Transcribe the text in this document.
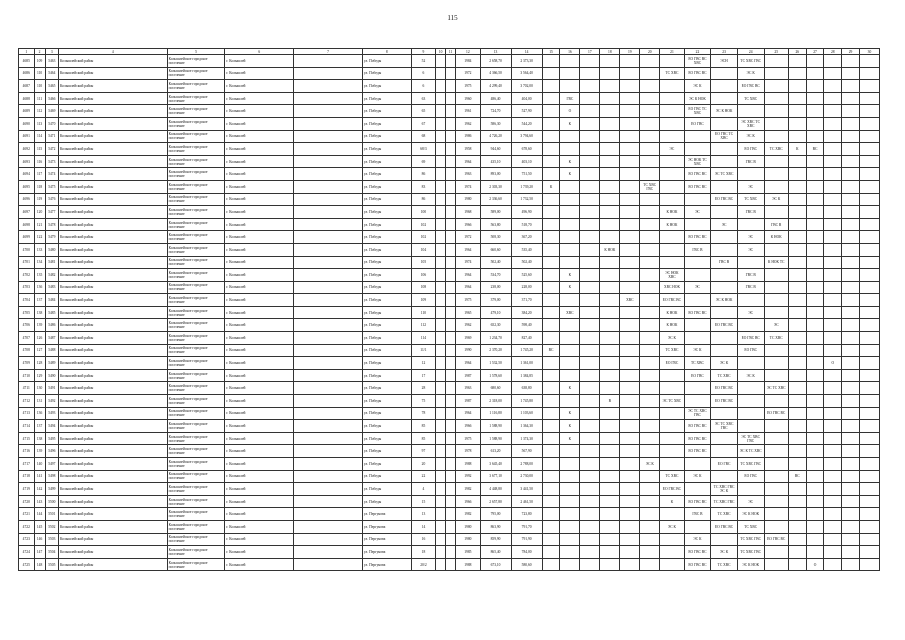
115
1	2	3	4	5	6	7	8	9	10	11	12	13	14	15	16	17	18	19	20	21	22	23	24	25	26	27	28	29	30
4685	109	5463	Колышлейский район	Колышлейское городское поселение	г. Колышлей		ул. Победы	52			1984	2 658,70	2 373,30								ЕО ГВС ВС ХВС	ЭСН	ТС ХВС ГВС						
4686	110	5464	Колышлейский район	Колышлейское городское поселение	г. Колышлей		ул. Победы	6			1972	4 366,50	3 564,40							ТС ХВС	ЕО ГВС ВС		ЭС К						
4687	110	5465	Колышлейский район	Колышлейское городское поселение	г. Колышлей		ул. Победы	6			1975	4 299,40	3 702,00								ЭС К		ЕО ГВС ВС						
4688	111	5466	Колышлейский район	Колышлейское городское поселение	г. Колышлей		ул. Победы	63			1960	486,40	404,00		ГВС						ЭС К НОК		ТС ХВС						
4689	112	5469	Колышлейский район	Колышлейское городское поселение	г. Колышлей		ул. Победы	65			1961	724,70	527,90		О						ЕО ГВС ТС ХВС	ЭС К НОК							
4690	113	5470	Колышлейский район	Колышлейское городское поселение	г. Колышлей		ул. Победы	67			1962	586,30	544,20		К						ЕО ГВС		ЭС ХВС ТС ХВС						
4691	114	5471	Колышлейский район	Колышлейское городское поселение	г. Колышлей		ул. Победы	68			1986	4 726,20	3 794,60									ЕО ГВС ТС ХВС	ЭС К						
4692	115	5472	Колышлейский район	Колышлейское городское поселение	г. Колышлей		ул. Победы	68/3			1958	944,60	678,60							ЭС			ЕО ГВС	ТС ХВС	К	ВС			
4693	116	5473	Колышлейский район	Колышлейское городское поселение	г. Колышлей		ул. Победы	69			1964	435,10	403,10		К						ЭС НОК ТС ХВС		ГВС В						
4694	117	5474	Колышлейский район	Колышлейское городское поселение	г. Колышлей		ул. Победы	86			1963	893,00	751,50		К						ЕО ГВС ВС	ЭС ТС ХВС							
4695	118	5475	Колышлейский район	Колышлейское городское поселение	г. Колышлей		ул. Победы	83			1974	2 303,30	1 739,20	К					ТС ХВС ГВС		ЕО ГВС ВС		ЭС						
4696	119	5476	Колышлейский район	Колышлейское городское поселение	г. Колышлей		ул. Победы	86			1980	2 336,60	1 732,50									ЕО ГВС ВС	ТС ХВС	ЭС К					
4697	120	5477	Колышлейский район	Колышлейское городское поселение	г. Колышлей		ул. Победы	100			1968	589,00	496,90							К НОК	ЭС		ГВС В						
4698	121	5478	Колышлейский район	Колышлейское городское поселение	г. Колышлей		ул. Победы	102			1966	563,80	518,70							К НОК		ЭС		ГВС В					
4699	122	5479	Колышлейский район	Колышлейское городское поселение	г. Колышлей		ул. Победы	102			1972	508,30	367,20								ЕО ГВС ВС		ЭС	К НОК					
4700	133	5480	Колышлейский район	Колышлейское городское поселение	г. Колышлей		ул. Победы	104			1964	660,60	535,40				К НОК				ГВС В		ЭС						
4701	134	5481	Колышлейский район	Колышлейское городское поселение	г. Колышлей		ул. Победы	105			1974	502,40	502,40									ГВС В		К НОК ТС					
4702	135	5482	Колышлейский район	Колышлейское городское поселение	г. Колышлей		ул. Победы	106			1964	534,70	525,60		К					ЭС НОК ХВС			ГВС В						
4703	136	5483	Колышлейский район	Колышлейское городское поселение	г. Колышлей		ул. Победы	108			1964	238,00	228,00		К					ХВС НОК	ЭС		ГВС В						
4704	137	5484	Колышлейский район	Колышлейское городское поселение	г. Колышлей		ул. Победы	109			1975	379,00	371,70					ХВС		ЕО ГВС ВС		ЭС К НОК							
4705	138	5485	Колышлейский район	Колышлейское городское поселение	г. Колышлей		ул. Победы	110			1965	479,10	384,20		ХВС					К НОК	ЕО ГВС ВС		ЭС						
4706	139	5486	Колышлейский район	Колышлейское городское поселение	г. Колышлей		ул. Победы	112			1962	652,30	598,40							К НОК		ЕО ГВС ВС		ЭС					
4707	126	5487	Колышлейский район	Колышлейское городское поселение	г. Колышлей		ул. Победы	114			1969	1 234,70	827,40							ЭС К			ЕО ГВС ВС	ТС ХВС					
4708	127	5488	Колышлейский район	Колышлейское городское поселение	г. Колышлей		ул. Победы	11/1			1990	2 370,20	1 745,20	ВС						ТС ХВС	ЭС К		ЕО ГВС						
4709	128	5489	Колышлейский район	Колышлейское городское поселение	г. Колышлей		ул. Победы	12			1964	1 532,50	1 361,00							ЕО ГВС	ТС ХВС	ЭС К					О		
4710	129	5490	Колышлейский район	Колышлейское городское поселение	г. Колышлей		ул. Победы	17			1987	1 578,60	1 384,85								ЕО ГВС	ТС ХВС	ЭС К						
4711	130	5491	Колышлейский район	Колышлейское городское поселение	г. Колышлей		ул. Победы	28			1963	680,60	638,80		К							ЕО ГВС ВС		ЭС ТС ХВС					
4712	131	5492	Колышлейский район	Колышлейское городское поселение	г. Колышлей		ул. Победы	75			1987	2 318,00	1 745,80				В			ЭС ТС ХВС		ЕО ГВС ВС							
4713	136	5493	Колышлейский район	Колышлейское городское поселение	г. Колышлей		ул. Победы	78			1964	1 116,80	1 103,60		К						ЭС ТС ХВС ГВС			ЕО ГВС ВС					
4714	137	5494	Колышлейский район	Колышлейское городское поселение	г. Колышлей		ул. Победы	85			1966	1 588,90	1 364,30		К						ЕО ГВС ВС	ЭС ТС ХВС ГВС							
4715	138	5495	Колышлейский район	Колышлейское городское поселение	г. Колышлей		ул. Победы	85			1975	1 588,90	1 374,30		К						ЕО ГВС ВС		ЭС ТС ХВС ГВС						
4716	139	5496	Колышлейский район	Колышлейское городское поселение	г. Колышлей		ул. Победы	97			1978	613,20	567,90								ЕО ГВС ВС		ЭС К ТС ХВС						
4717	140	5497	Колышлейский район	Колышлейское городское поселение	г. Колышлей		ул. Победы	20			1988	3 645,40	2 788,00						ЭС К			ЕО ГВС	ТС ХВС ГВС						
4718	141	5498	Колышлейский район	Колышлейское городское поселение	г. Колышлей		ул. Победы	22			1992	3 677,10	2 730,00							ТС ХВС	ЭС К		ЕО ГВС		ВС				
4719	142	5499	Колышлейский район	Колышлейское городское поселение	г. Колышлей		ул. Победы	4			1982	4 448,80	3 441,50							ЕО ГВС ВС		ТС ХВС ГВС ЭС К							
4720	143	5500	Колышлейский район	Колышлейское городское поселение	г. Колышлей		ул. Победы	15			1966	2 657,80	2 461,50							К	ЕО ГВС ВС	ТС ХВС ГВС	ЭС						
4721	144	5501	Колышлейский район	Колышлейское городское поселение	г. Колышлей		ул. Пергунова	13			1982	795,00	723,80								ГВС В	ТС ХВС	ЭС К НОК						
4722	145	5502	Колышлейский район	Колышлейское городское поселение	г. Колышлей		ул. Пергунова	14			1980	863,90	791,70							ЭС К		ЕО ГВС ВС	ТС ХВС						
4723	146	5503	Колышлейский район	Колышлейское городское поселение	г. Колышлей		ул. Пергунова	16			1980	859,90	791,90								ЭС К		ТС ХВС ГВС	ЕО ГВС ВС					
4724	147	5504	Колышлейский район	Колышлейское городское поселение	г. Колышлей		ул. Пергунова	18			1985	865,40	784,00								ЕО ГВС ВС	ЭС К	ТС ХВС ГВС						
4725	148	5505	Колышлейский район	Колышлейское городское поселение	г. Колышлей		ул. Пергунова	20/2			1988	673,10	580,60								ЕО ГВС ВС	ТС ХВС	ЭС К НОК			О			
